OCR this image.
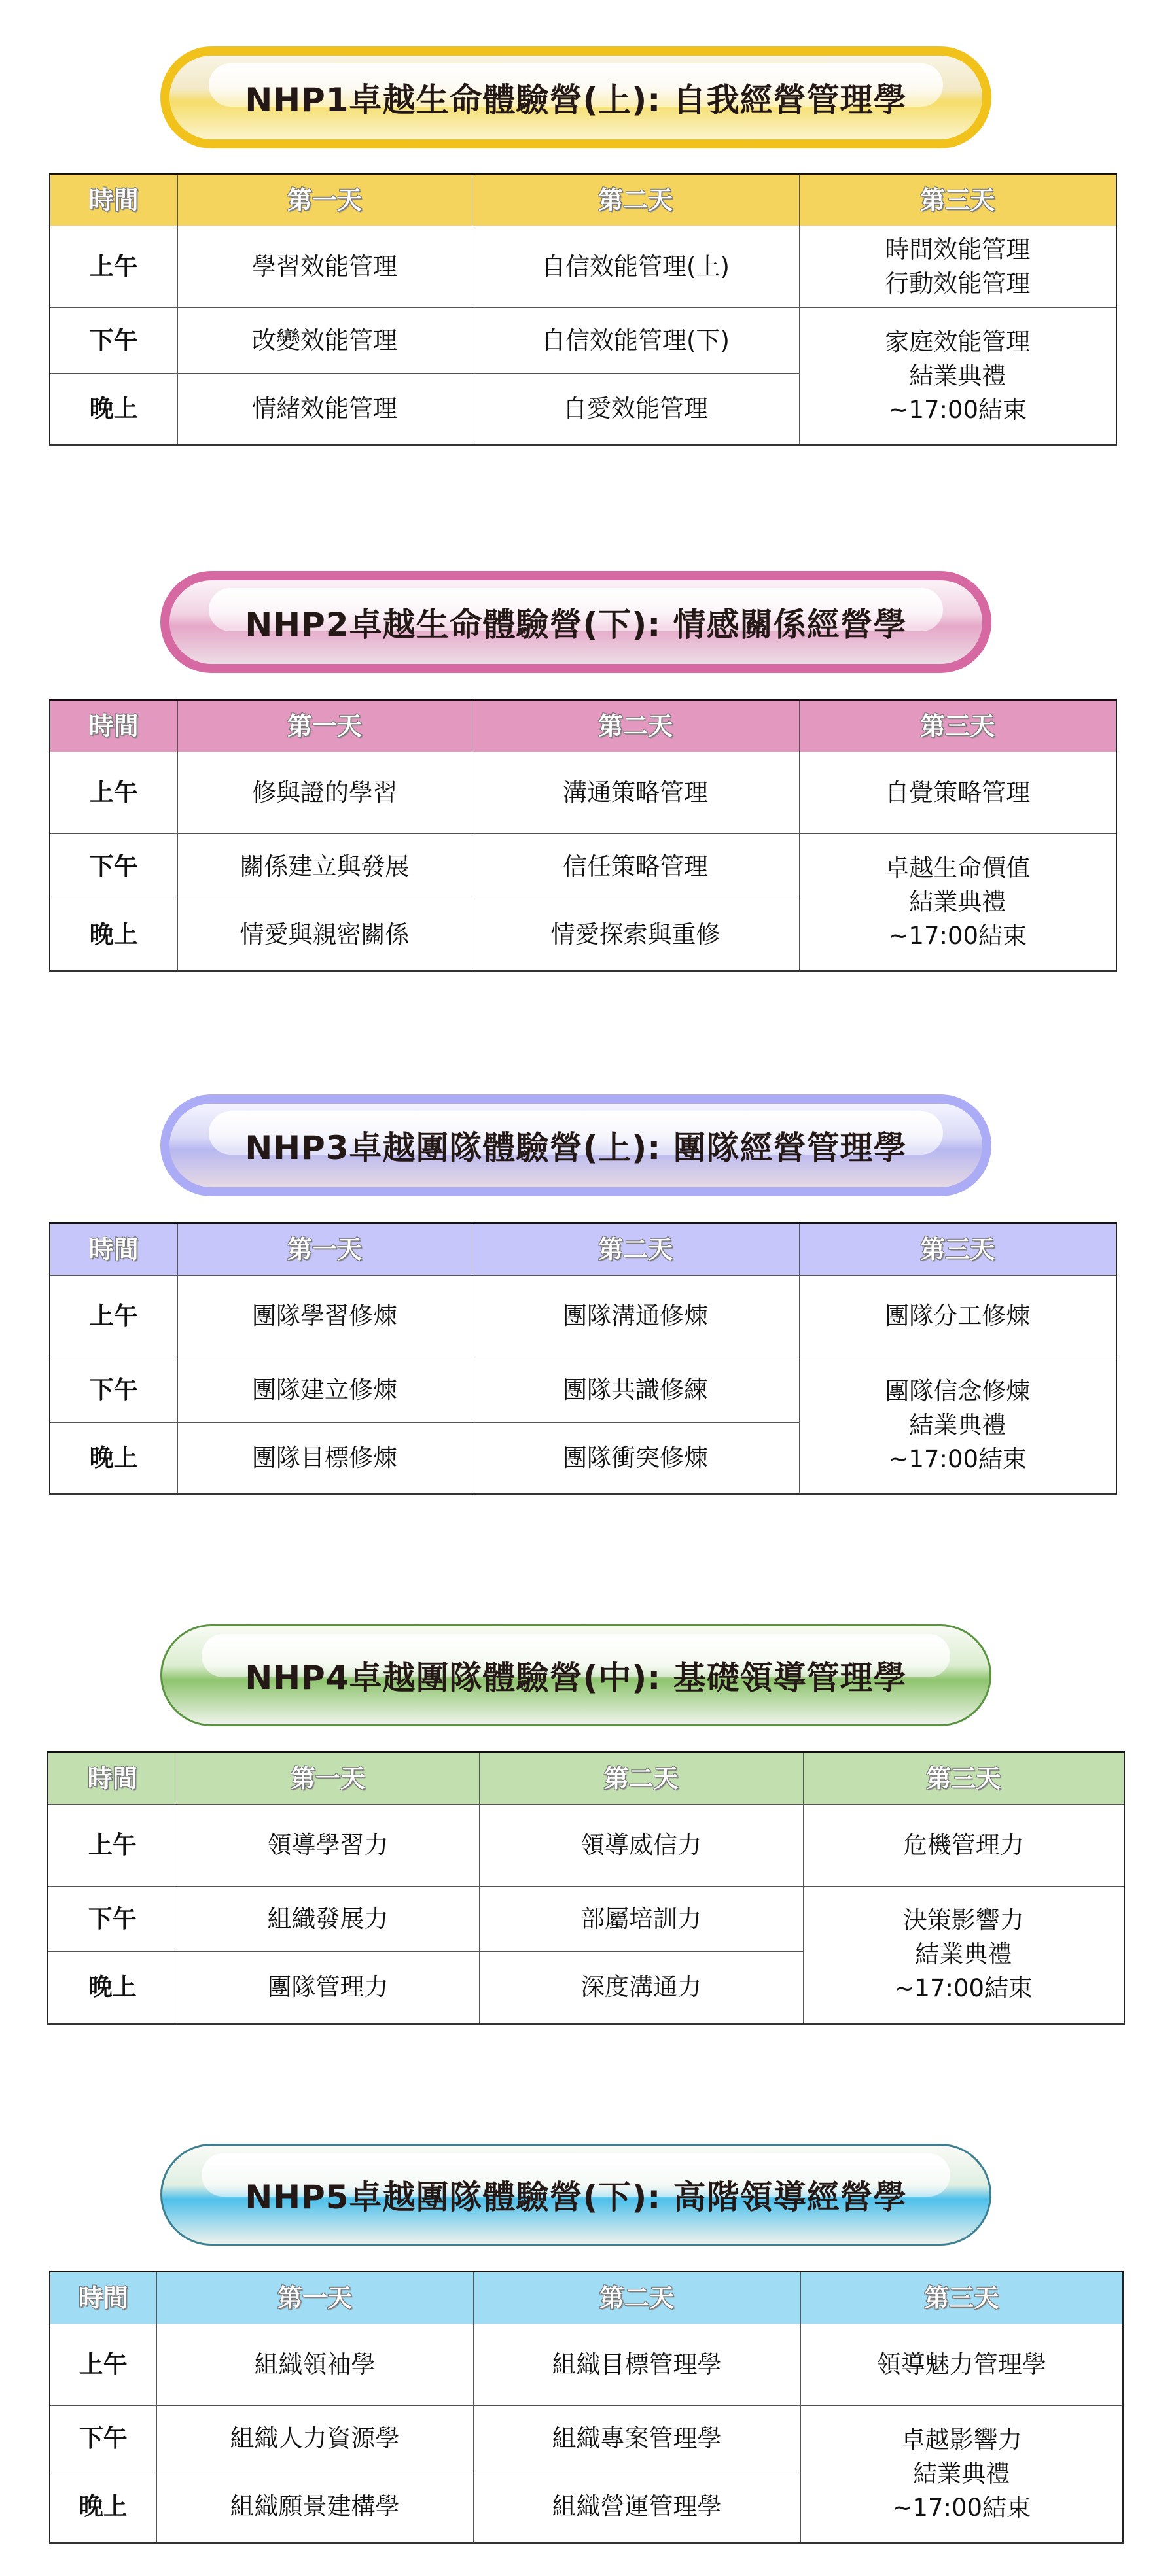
NHP1卓越生命體驗營(上): 自我經營管理學
時間	第一天	第二天	第三天
上午	學習效能管理	自信效能管理(上)	時間效能管理
行動效能管理

下午	改變效能管理	自信效能管理(下)	家庭效能管理
結業典禮
~17:00結束

晚上	情緒效能管理	自愛效能管理	
NHP2卓越生命體驗營(下): 情感關係經營學
時間	第一天	第二天	第三天
上午	修與證的學習	溝通策略管理	自覺策略管理
下午	關係建立與發展	信任策略管理	卓越生命價值
結業典禮
~17:00結束

晚上	情愛與親密關係	情愛探索與重修	
NHP3卓越團隊體驗營(上): 團隊經營管理學
時間	第一天	第二天	第三天
上午	團隊學習修煉	團隊溝通修煉	團隊分工修煉
下午	團隊建立修煉	團隊共識修練	團隊信念修煉
結業典禮
~17:00結束

晚上	團隊目標修煉	團隊衝突修煉	
NHP4卓越團隊體驗營(中): 基礎領導管理學
時間	第一天	第二天	第三天
上午	領導學習力	領導威信力	危機管理力
下午	組織發展力	部屬培訓力	決策影響力
結業典禮
~17:00結束

晚上	團隊管理力	深度溝通力	
NHP5卓越團隊體驗營(下): 高階領導經營學
時間	第一天	第二天	第三天
上午	組織領袖學	組織目標管理學	領導魅力管理學
下午	組織人力資源學	組織專案管理學	卓越影響力
結業典禮
~17:00結束

晚上	組織願景建構學	組織營運管理學	
